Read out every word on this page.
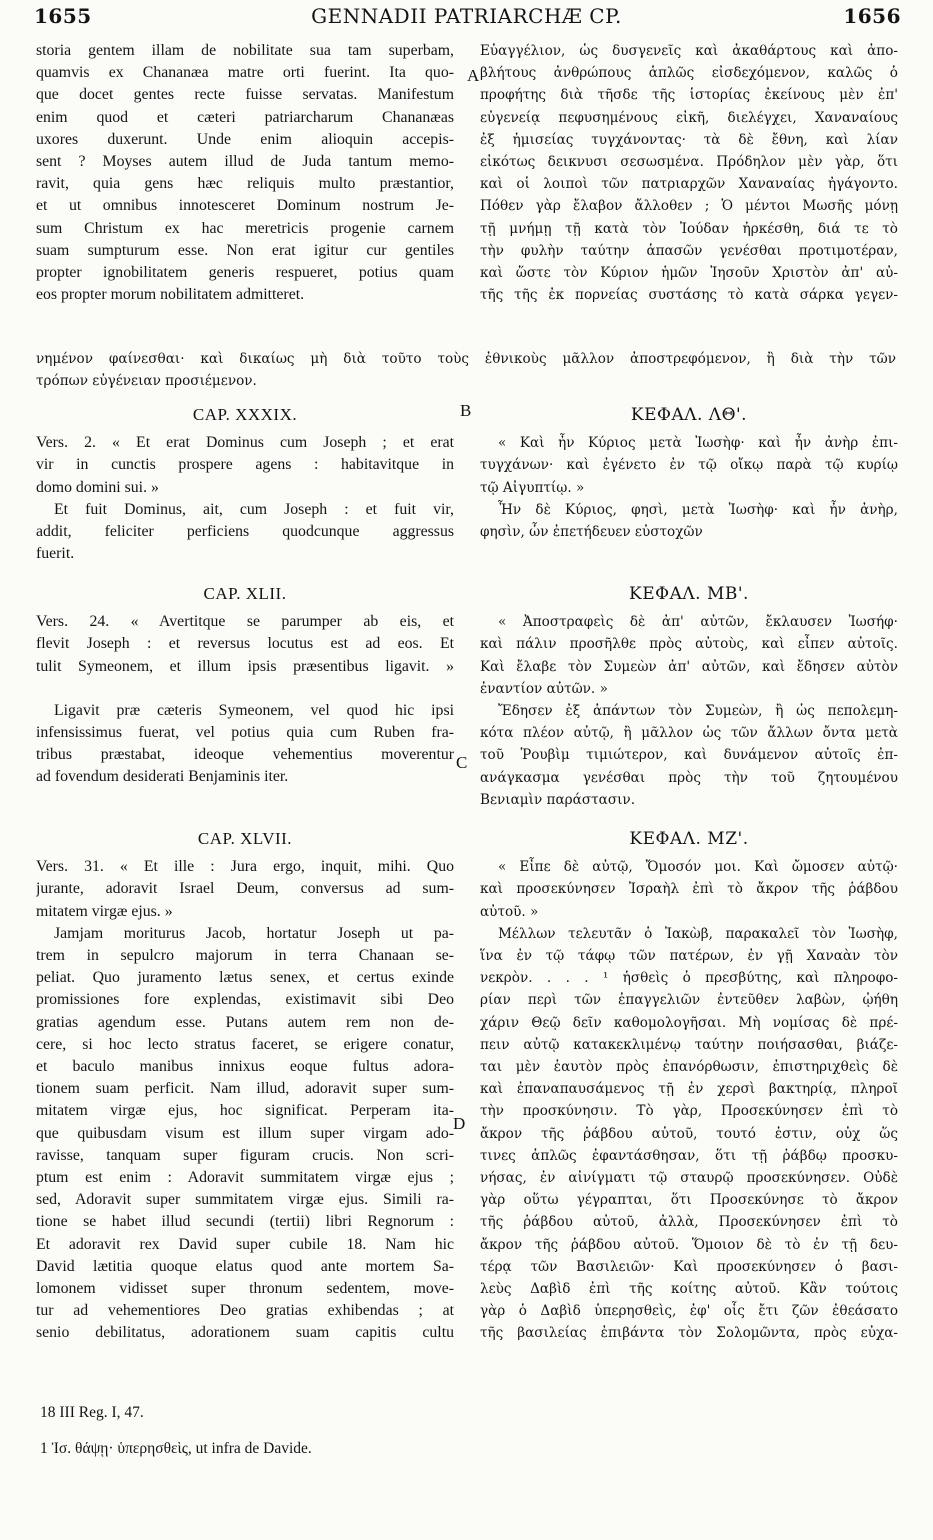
1655	GENNADII PATRIARCHÆ CP.	1656
A
B
C
D
storia gentem illam de nobilitate sua tam superbam,
quamvis ex Chananæa matre orti fuerint. Ita quo-
que docet gentes recte fuisse servatas. Manifestum
enim quod et cæteri patriarcharum Chananæas
uxores duxerunt. Unde enim alioquin accepis-
sent ? Moyses autem illud de Juda tantum memo-
ravit, quia gens hæc reliquis multo præstantior,
et ut omnibus innotesceret Dominum nostrum Je-
sum Christum ex hac meretricis progenie carnem
suam sumpturum esse. Non erat igitur cur gentiles
propter ignobilitatem generis respueret, potius quam
eos propter morum nobilitatem admitteret.
Εὐαγγέλιον, ὡς δυσγενεῖς καὶ ἀκαθάρτους καὶ ἀπο-
βλήτους ἀνθρώπους ἁπλῶς εἰσδεχόμενον, καλῶς ὁ
προφήτης διὰ τῆσδε τῆς ἱστορίας ἐκείνους μὲν ἐπ'
εὐγενείᾳ πεφυσημένους εἰκῆ, διελέγχει, Χαναναίους
ἐξ ἡμισείας τυγχάνοντας· τὰ δὲ ἔθνη, καὶ λίαν
εἰκότως δεικνυσι σεσωσμένα. Πρόδηλον μὲν γὰρ, ὅτι
καὶ οἱ λοιποὶ τῶν πατριαρχῶν Χαναναίας ἠγάγοντο.
Πόθεν γὰρ ἔλαβον ἄλλοθεν ; Ὁ μέντοι Μωσῆς μόνῃ
τῇ μνήμῃ τῇ κατὰ τὸν Ἰούδαν ἠρκέσθη, διά τε τὸ
τὴν φυλὴν ταύτην ἁπασῶν γενέσθαι προτιμοτέραν,
καὶ ὥστε τὸν Κύριον ἡμῶν Ἰησοῦν Χριστὸν ἀπ' αὐ-
τῆς τῆς ἐκ πορνείας συστάσης τὸ κατὰ σάρκα γεγεν-
νημένον φαίνεσθαι· καὶ δικαίως μὴ διὰ τοῦτο τοὺς ἐθνικοὺς μᾶλλον ἀποστρεφόμενον, ἢ διὰ τὴν τῶν
τρόπων εὐγένειαν προσιέμενον.
CAP. XXXIX.
Vers. 2. « Et erat Dominus cum Joseph ; et erat
vir in cunctis prospere agens : habitavitque in
domo domini sui. »
Et fuit Dominus, ait, cum Joseph : et fuit vir,
addit, feliciter perficiens quodcunque aggressus
fuerit.
ΚΕΦΑΛ. ΛΘ'.
« Καὶ ἦν Κύριος μετὰ Ἰωσὴφ· καὶ ἦν ἀνὴρ ἐπι-
τυγχάνων· καὶ ἐγένετο ἐν τῷ οἴκῳ παρὰ τῷ κυρίῳ
τῷ Αἰγυπτίῳ. »
Ἦν δὲ Κύριος, φησὶ, μετὰ Ἰωσὴφ· καὶ ἦν ἀνὴρ,
φησὶν, ὧν ἐπετήδευεν εὐστοχῶν
CAP. XLII.
Vers. 24. « Avertitque se parumper ab eis, et
flevit Joseph : et reversus locutus est ad eos. Et
tulit Symeonem, et illum ipsis præsentibus ligavit. »
Ligavit præ cæteris Symeonem, vel quod hic ipsi
infensissimus fuerat, vel potius quia cum Ruben fra-
tribus præstabat, ideoque vehementius moverentur
ad fovendum desiderati Benjaminis iter.
ΚΕΦΑΛ. ΜΒ'.
« Ἀποστραφεὶς δὲ ἀπ' αὐτῶν, ἔκλαυσεν Ἰωσήφ·
καὶ πάλιν προσῆλθε πρὸς αὐτοὺς, καὶ εἶπεν αὐτοῖς.
Καὶ ἔλαβε τὸν Συμεὼν ἀπ' αὐτῶν, καὶ ἔδησεν αὐτὸν
ἐναντίον αὐτῶν. »
Ἔδησεν ἐξ ἁπάντων τὸν Συμεὼν, ἢ ὡς πεπολεμη-
κότα πλέον αὐτῷ, ἢ μᾶλλον ὡς τῶν ἄλλων ὄντα μετὰ
τοῦ Ῥουβὶμ τιμιώτερον, καὶ δυνάμενον αὐτοῖς ἐπ-
ανάγκασμα γενέσθαι πρὸς τὴν τοῦ ζητουμένου
Βενιαμὶν παράστασιν.
CAP. XLVII.
Vers. 31. « Et ille : Jura ergo, inquit, mihi. Quo
jurante, adoravit Israel Deum, conversus ad sum-
mitatem virgæ ejus. »
Jamjam moriturus Jacob, hortatur Joseph ut pa-
trem in sepulcro majorum in terra Chanaan se-
peliat. Quo juramento lætus senex, et certus exinde
promissiones fore explendas, existimavit sibi Deo
gratias agendum esse. Putans autem rem non de-
cere, si hoc lecto stratus faceret, se erigere conatur,
et baculo manibus innixus eoque fultus adora-
tionem suam perficit. Nam illud, adoravit super sum-
mitatem virgæ ejus, hoc significat. Perperam ita-
que quibusdam visum est illum super virgam ado-
ravisse, tanquam super figuram crucis. Non scri-
ptum est enim : Adoravit summitatem virgæ ejus ;
sed, Adoravit super summitatem virgæ ejus. Simili ra-
tione se habet illud secundi (tertii) libri Regnorum :
Et adoravit rex David super cubile 18. Nam hic
David lætitia quoque elatus quod ante mortem Sa-
lomonem vidisset super thronum sedentem, move-
tur ad vehementiores Deo gratias exhibendas ; at
senio debilitatus, adorationem suam capitis cultu
ΚΕΦΑΛ. ΜΖ'.
« Εἶπε δὲ αὐτῷ, Ὄμοσόν μοι. Καὶ ὤμοσεν αὐτῷ·
καὶ προσεκύνησεν Ἰσραὴλ ἐπὶ τὸ ἄκρον τῆς ῥάβδου
αὐτοῦ. »
Μέλλων τελευτᾶν ὁ Ἰακὼβ, παρακαλεῖ τὸν Ἰωσὴφ,
ἵνα ἐν τῷ τάφῳ τῶν πατέρων, ἐν γῇ Χαναὰν τὸν
νεκρὸν. . . . ¹ ἡσθεὶς ὁ πρεσβύτης, καὶ πληροφο-
ρίαν περὶ τῶν ἐπαγγελιῶν ἐντεῦθεν λαβὼν, ᾠήθη
χάριν Θεῷ δεῖν καθομολογῆσαι. Μὴ νομίσας δὲ πρέ-
πειν αὐτῷ κατακεκλιμένῳ ταύτην ποιήσασθαι, βιάζε-
ται μὲν ἑαυτὸν πρὸς ἐπανόρθωσιν, ἐπιστηριχθεὶς δὲ
καὶ ἐπαναπαυσάμενος τῇ ἐν χερσὶ βακτηρίᾳ, πληροῖ
τὴν προσκύνησιν. Τὸ γὰρ, Προσεκύνησεν ἐπὶ τὸ
ἄκρον τῆς ῥάβδου αὐτοῦ, τουτό ἐστιν, οὐχ ὥς
τινες ἁπλῶς ἐφαντάσθησαν, ὅτι τῇ ῥάβδῳ προσκυ-
νήσας, ἐν αἰνίγματι τῷ σταυρῷ προσεκύνησεν. Οὐδὲ
γὰρ οὕτω γέγραπται, ὅτι Προσεκύνησε τὸ ἄκρον
τῆς ῥάβδου αὐτοῦ, ἀλλὰ, Προσεκύνησεν ἐπὶ τὸ
ἄκρον τῆς ῥάβδου αὐτοῦ. Ὅμοιον δὲ τὸ ἐν τῇ δευ-
τέρᾳ τῶν Βασιλειῶν· Καὶ προσεκύνησεν ὁ βασι-
λεὺς Δαβὶδ ἐπὶ τῆς κοίτης αὐτοῦ. Κἂν τούτοις
γὰρ ὁ Δαβὶδ ὑπερησθεὶς, ἐφ' οἷς ἔτι ζῶν ἐθεάσατο
τῆς βασιλείας ἐπιβάντα τὸν Σολομῶντα, πρὸς εὐχα-
18 III Reg. I, 47.
1 Ἰσ. θάψῃ· ὑπερησθεὶς, ut infra de Davide.
